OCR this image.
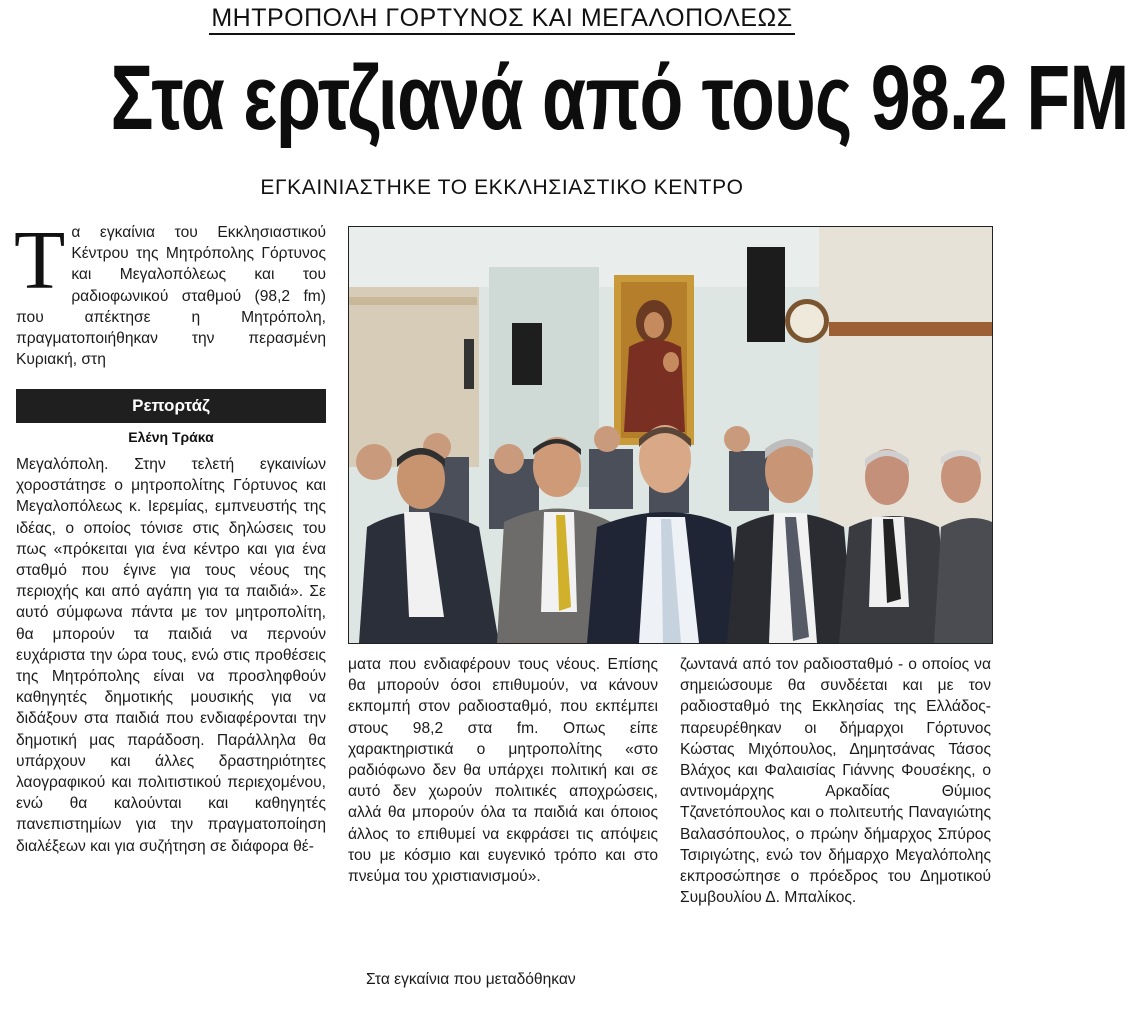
ΜΗΤΡΟΠΟΛΗ ΓΟΡΤΥΝΟΣ ΚΑΙ ΜΕΓΑΛΟΠΟΛΕΩΣ
Στα ερτζιανά από τους 98.2 FM
ΕΓΚΑΙΝΙΑΣΤΗΚΕ ΤΟ ΕΚΚΛΗΣΙΑΣΤΙΚΟ ΚΕΝΤΡΟ
Τ α εγκαίνια του Εκκλησιαστικού Κέντρου της Μητρόπολης Γόρτυνος και Μεγαλοπόλεως και του ραδιοφωνικού σταθμού (98,2 fm) που απέκτησε η Μητρόπολη, πραγματοποιήθηκαν την περασμένη Κυριακή, στη
Ρεπορτάζ
Ελένη Τράκα

Μεγαλόπολη. Στην τελετή εγκαινίων χοροστάτησε ο μητροπολίτης Γόρτυνος και Μεγαλοπόλεως κ. Ιερεμίας, εμπνευστής της ιδέας, ο οποίος τόνισε στις δηλώσεις του πως «πρόκειται για ένα κέντρο και για ένα σταθμό που έγινε για τους νέους της περιοχής και από αγάπη για τα παιδιά». Σε αυτό σύμφωνα πάντα με τον μητροπολίτη, θα μπορούν τα παιδιά να περνούν ευχάριστα την ώρα τους, ενώ στις προθέσεις της Μητρόπολης είναι να προσληφθούν καθηγητές δημοτικής μουσικής για να διδάξουν στα παιδιά που ενδιαφέρονται την δημοτική μας παράδοση. Παράλληλα θα υπάρχουν και άλλες δραστηριότητες λαογραφικού και πολιτιστικού περιεχομένου, ενώ θα καλούνται και καθηγητές πανεπιστημίων για την πραγματοποίηση διαλέξεων και για συζήτηση σε διάφορα θέ-

ματα που ενδιαφέρουν τους νέους. Επίσης θα μπορούν όσοι επιθυμούν, να κάνουν εκπομπή στον ραδιοσταθμό, που εκπέμπει στους 98,2 στα fm. Οπως είπε χαρακτηριστικά ο μητροπολίτης «στο ραδιόφωνο δεν θα υπάρχει πολιτική και σε αυτό δεν χωρούν πολιτικές αποχρώσεις, αλλά θα μπορούν όλα τα παιδιά και όποιος άλλος το επιθυμεί να εκφράσει τις απόψεις του με κόσμιο και ευγενικό τρόπο και στο πνεύμα του χριστιανισμού».

Στα εγκαίνια που μεταδόθηκαν

ζωντανά από τον ραδιοσταθμό - ο οποίος να σημειώσουμε θα συνδέεται και με τον ραδιοσταθμό της Εκκλησίας της Ελλάδος- παρευρέθηκαν οι δήμαρχοι Γόρτυνος Κώστας Μιχόπουλος, Δημητσάνας Τάσος Βλάχος και Φαλαισίας Γιάννης Φουσέκης, ο αντινομάρχης Αρκαδίας Θύμιος Τζανετόπουλος και ο πολιτευτής Παναγιώτης Βαλασόπουλος, ο πρώην δήμαρχος Σπύρος Τσιριγώτης, ενώ τον δήμαρχο Μεγαλόπολης εκπροσώπησε ο πρόεδρος του Δημοτικού Συμβουλίου Δ. Μπαλίκος.
